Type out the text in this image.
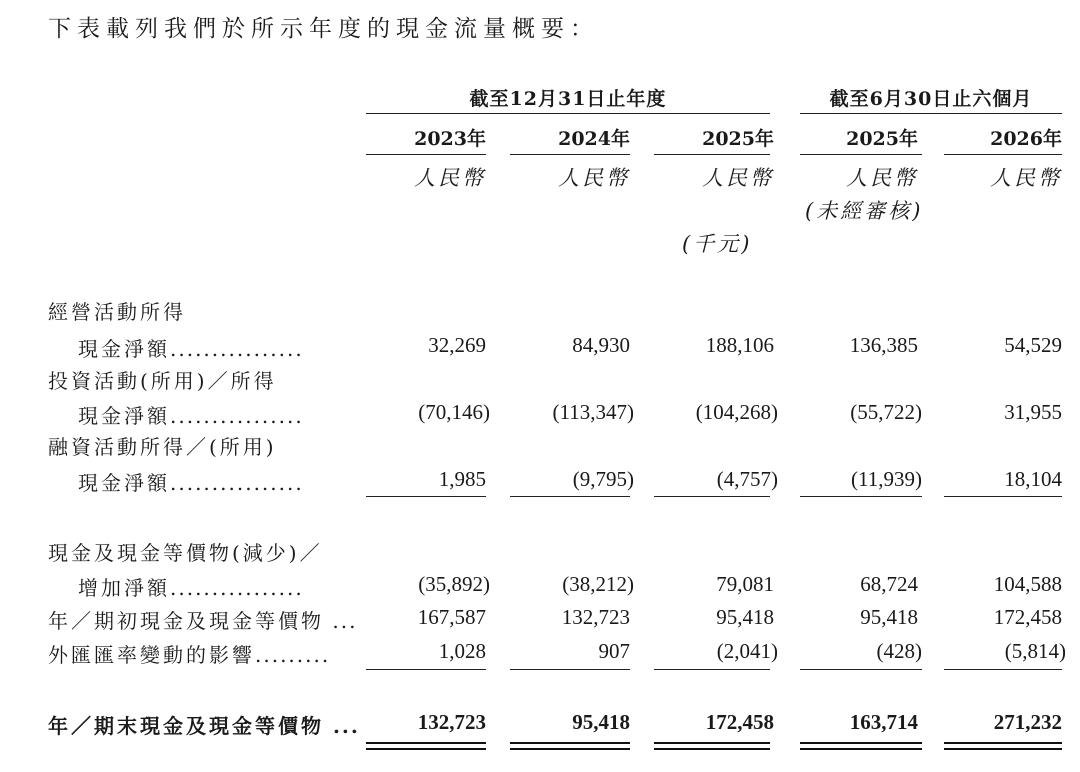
下表載列我們於所示年度的現金流量概要：
截至12月31日止年度	截至6月30日止六個月
2023年	2024年	2025年	2025年	2026年
人民幣	人民幣	人民幣	人民幣	人民幣
(未經審核)
(千元)
經營活動所得
現金淨額................	32,269	84,930	188,106	136,385	54,529
投資活動(所用)／所得
現金淨額................	(70,146)	(113,347)	(104,268)	(55,722)	31,955
融資活動所得／(所用)
現金淨額................	1,985	(9,795)	(4,757)	(11,939)	18,104
現金及現金等價物(減少)／
增加淨額................	(35,892)	(38,212)	79,081	68,724	104,588
年／期初現金及現金等價物 ...	167,587	132,723	95,418	95,418	172,458
外匯匯率變動的影響.........	1,028	907	(2,041)	(428)	(5,814)
年／期末現金及現金等價物 ...	132,723	95,418	172,458	163,714	271,232
